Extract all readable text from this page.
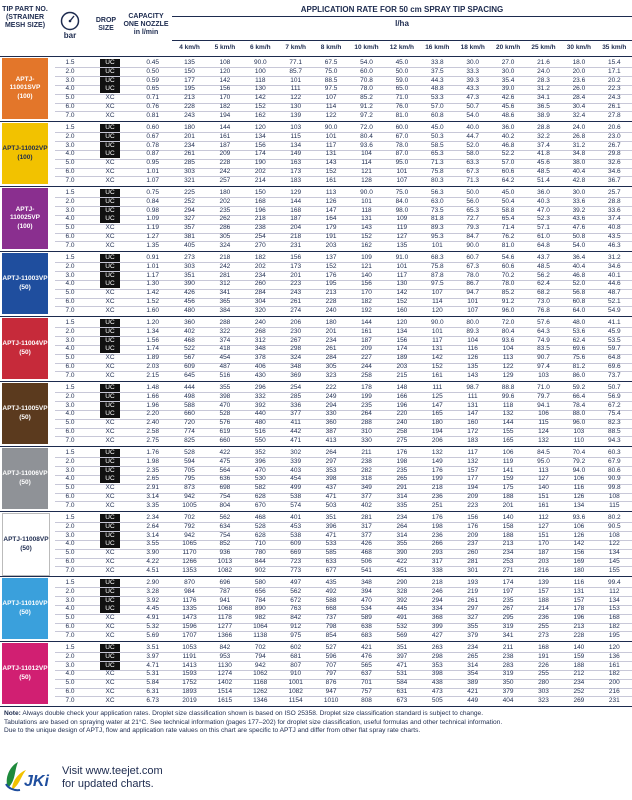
TIP PART NO. (STRAINER MESH SIZE)
bar
DROP SIZE
CAPACITY ONE NOZZLE in l/min
APPLICATION RATE FOR 50 cm SPRAY TIP SPACING
l/ha
4 km/h	5 km/h	6 km/h	7 km/h	8 km/h	10 km/h	12 km/h	16 km/h	18 km/h	20 km/h	25 km/h	30 km/h	35 km/h
APTJ-11001SVP
(100)
1.5	UC	0.45	135	108	90.0	77.1	67.5	54.0	45.0	33.8	30.0	27.0	21.6	18.0	15.4
2.0	UC	0.50	150	120	100	85.7	75.0	60.0	50.0	37.5	33.3	30.0	24.0	20.0	17.1
3.0	UC	0.59	177	142	118	101	88.5	70.8	59.0	44.3	39.3	35.4	28.3	23.6	20.2
4.0	UC	0.65	195	156	130	111	97.5	78.0	65.0	48.8	43.3	39.0	31.2	26.0	22.3
5.0	XC	0.71	213	170	142	122	107	85.2	71.0	53.3	47.3	42.6	34.1	28.4	24.3
6.0	XC	0.76	228	182	152	130	114	91.2	76.0	57.0	50.7	45.6	36.5	30.4	26.1
7.0	XC	0.81	243	194	162	139	122	97.2	81.0	60.8	54.0	48.6	38.9	32.4	27.8
APTJ-11002VP
(100)
1.5	UC	0.60	180	144	120	103	90.0	72.0	60.0	45.0	40.0	36.0	28.8	24.0	20.6
2.0	UC	0.67	201	161	134	115	101	80.4	67.0	50.3	44.7	40.2	32.2	26.8	23.0
3.0	UC	0.78	234	187	156	134	117	93.6	78.0	58.5	52.0	46.8	37.4	31.2	26.7
4.0	UC	0.87	261	209	174	149	131	104	87.0	65.3	58.0	52.2	41.8	34.8	29.8
5.0	XC	0.95	285	228	190	163	143	114	95.0	71.3	63.3	57.0	45.6	38.0	32.6
6.0	XC	1.01	303	242	202	173	152	121	101	75.8	67.3	60.6	48.5	40.4	34.6
7.0	XC	1.07	321	257	214	183	161	128	107	80.3	71.3	64.2	51.4	42.8	36.7
APTJ-110025VP
(100)
1.5	UC	0.75	225	180	150	129	113	90.0	75.0	56.3	50.0	45.0	36.0	30.0	25.7
2.0	UC	0.84	252	202	168	144	126	101	84.0	63.0	56.0	50.4	40.3	33.6	28.8
3.0	UC	0.98	294	235	196	168	147	118	98.0	73.5	65.3	58.8	47.0	39.2	33.6
4.0	UC	1.09	327	262	218	187	164	131	109	81.8	72.7	65.4	52.3	43.6	37.4
5.0	XC	1.19	357	286	238	204	179	143	119	89.3	79.3	71.4	57.1	47.6	40.8
6.0	XC	1.27	381	305	254	218	191	152	127	95.3	84.7	76.2	61.0	50.8	43.5
7.0	XC	1.35	405	324	270	231	203	162	135	101	90.0	81.0	64.8	54.0	46.3
APTJ-11003VP
(50)
1.5	UC	0.91	273	218	182	156	137	109	91.0	68.3	60.7	54.6	43.7	36.4	31.2
2.0	UC	1.01	303	242	202	173	152	121	101	75.8	67.3	60.6	48.5	40.4	34.6
3.0	UC	1.17	351	281	234	201	176	140	117	87.8	78.0	70.2	56.2	46.8	40.1
4.0	UC	1.30	390	312	260	223	195	156	130	97.5	86.7	78.0	62.4	52.0	44.6
5.0	XC	1.42	426	341	284	243	213	170	142	107	94.7	85.2	68.2	56.8	48.7
6.0	XC	1.52	456	365	304	261	228	182	152	114	101	91.2	73.0	60.8	52.1
7.0	XC	1.60	480	384	320	274	240	192	160	120	107	96.0	76.8	64.0	54.9
APTJ-11004VP
(50)
1.5	UC	1.20	360	288	240	206	180	144	120	90.0	80.0	72.0	57.6	48.0	41.1
2.0	UC	1.34	402	322	268	230	201	161	134	101	89.3	80.4	64.3	53.6	45.9
3.0	UC	1.56	468	374	312	267	234	187	156	117	104	93.6	74.9	62.4	53.5
4.0	UC	1.74	522	418	348	298	261	209	174	131	116	104	83.5	69.6	59.7
5.0	XC	1.89	567	454	378	324	284	227	189	142	126	113	90.7	75.6	64.8
6.0	XC	2.03	609	487	406	348	305	244	203	152	135	122	97.4	81.2	69.6
7.0	XC	2.15	645	516	430	369	323	258	215	161	143	129	103	86.0	73.7
APTJ-11005VP
(50)
1.5	UC	1.48	444	355	296	254	222	178	148	111	98.7	88.8	71.0	59.2	50.7
2.0	UC	1.66	498	398	332	285	249	199	166	125	111	99.6	79.7	66.4	56.9
3.0	UC	1.96	588	470	392	336	294	235	196	147	131	118	94.1	78.4	67.2
4.0	UC	2.20	660	528	440	377	330	264	220	165	147	132	106	88.0	75.4
5.0	XC	2.40	720	576	480	411	360	288	240	180	160	144	115	96.0	82.3
6.0	XC	2.58	774	619	516	442	387	310	258	194	172	155	124	103	88.5
7.0	XC	2.75	825	660	550	471	413	330	275	206	183	165	132	110	94.3
APTJ-11006VP
(50)
1.5	UC	1.76	528	422	352	302	264	211	176	132	117	106	84.5	70.4	60.3
2.0	UC	1.98	594	475	396	339	297	238	198	149	132	119	95.0	79.2	67.9
3.0	UC	2.35	705	564	470	403	353	282	235	176	157	141	113	94.0	80.6
4.0	UC	2.65	795	636	530	454	398	318	265	199	177	159	127	106	90.9
5.0	XC	2.91	873	698	582	499	437	349	291	218	194	175	140	116	99.8
6.0	XC	3.14	942	754	628	538	471	377	314	236	209	188	151	126	108
7.0	XC	3.35	1005	804	670	574	503	402	335	251	223	201	161	134	115
APTJ-11008VP
(50)
1.5	UC	2.34	702	562	468	401	351	281	234	176	156	140	112	93.6	80.2
2.0	UC	2.64	792	634	528	453	396	317	264	198	176	158	127	106	90.5
3.0	UC	3.14	942	754	628	538	471	377	314	236	209	188	151	126	108
4.0	UC	3.55	1065	852	710	609	533	426	355	266	237	213	170	142	122
5.0	XC	3.90	1170	936	780	669	585	468	390	293	260	234	187	156	134
6.0	XC	4.22	1266	1013	844	723	633	506	422	317	281	253	203	169	145
7.0	XC	4.51	1353	1082	902	773	677	541	451	338	301	271	216	180	155
APTJ-11010VP
(50)
1.5	UC	2.90	870	696	580	497	435	348	290	218	193	174	139	116	99.4
2.0	UC	3.28	984	787	656	562	492	394	328	246	219	197	157	131	112
3.0	UC	3.92	1176	941	784	672	588	470	392	294	261	235	188	157	134
4.0	UC	4.45	1335	1068	890	763	668	534	445	334	297	267	214	178	153
5.0	XC	4.91	1473	1178	982	842	737	589	491	368	327	295	236	196	168
6.0	XC	5.32	1596	1277	1064	912	798	638	532	399	355	319	255	213	182
7.0	XC	5.69	1707	1366	1138	975	854	683	569	427	379	341	273	228	195
APTJ-11012VP
(50)
1.5	UC	3.51	1053	842	702	602	527	421	351	263	234	211	168	140	120
2.0	UC	3.97	1191	953	794	681	596	476	397	298	265	238	191	159	136
3.0	UC	4.71	1413	1130	942	807	707	565	471	353	314	283	226	188	161
4.0	XC	5.31	1593	1274	1062	910	797	637	531	398	354	319	255	212	182
5.0	XC	5.84	1752	1402	1168	1001	876	701	584	438	389	350	280	234	200
6.0	XC	6.31	1893	1514	1262	1082	947	757	631	473	421	379	303	252	216
7.0	XC	6.73	2019	1615	1346	1154	1010	808	673	505	449	404	323	269	231
Note: Always double check your application rates. Droplet size classification shown is based on ISO 25358. Droplet size classification standard is subject to change.
Tabulations are based on spraying water at 21°C. See technical information (pages 177–202) for droplet size classification, useful formulas and other technical information.
Due to the unique design of APTJ, flow and application rate values on this chart are specific to APTJ and differ from other flat spray rate charts.
JKi
Visit www.teejet.com
for updated charts.
